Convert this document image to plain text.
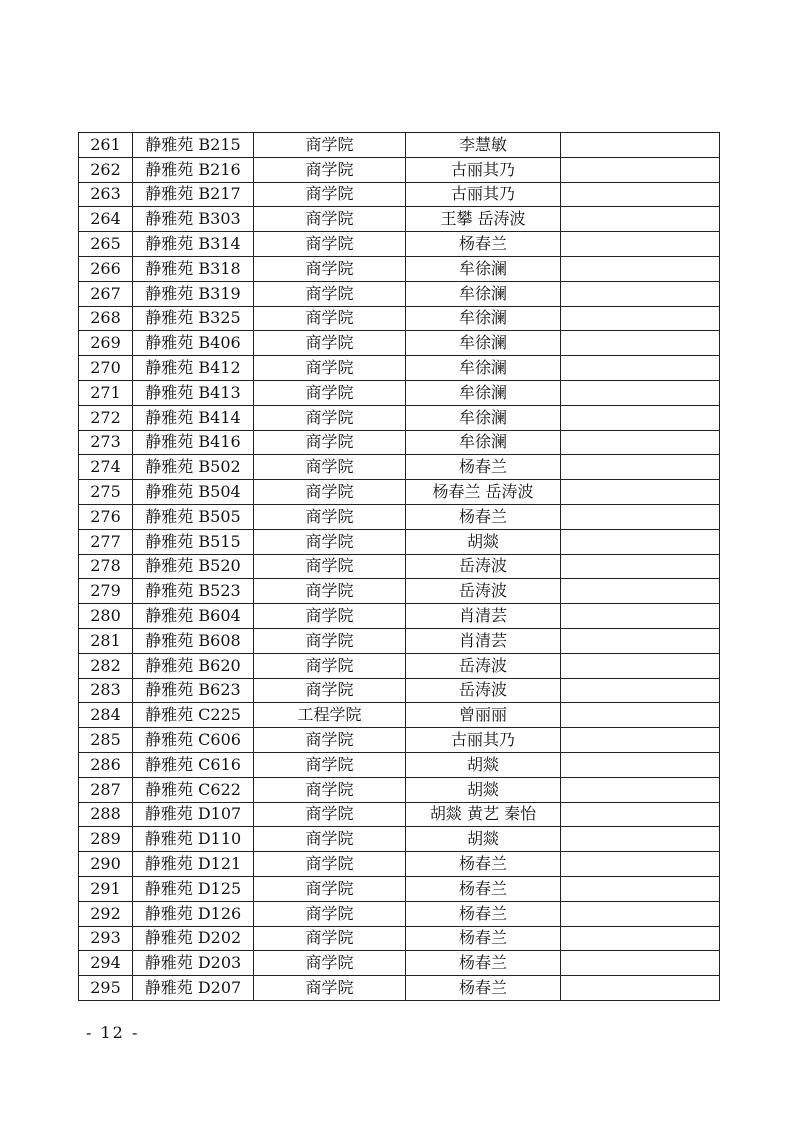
261	静雅苑 B215	商学院	李慧敏	
262	静雅苑 B216	商学院	古丽其乃	
263	静雅苑 B217	商学院	古丽其乃	
264	静雅苑 B303	商学院	王攀 岳涛波	
265	静雅苑 B314	商学院	杨春兰	
266	静雅苑 B318	商学院	牟徐澜	
267	静雅苑 B319	商学院	牟徐澜	
268	静雅苑 B325	商学院	牟徐澜	
269	静雅苑 B406	商学院	牟徐澜	
270	静雅苑 B412	商学院	牟徐澜	
271	静雅苑 B413	商学院	牟徐澜	
272	静雅苑 B414	商学院	牟徐澜	
273	静雅苑 B416	商学院	牟徐澜	
274	静雅苑 B502	商学院	杨春兰	
275	静雅苑 B504	商学院	杨春兰 岳涛波	
276	静雅苑 B505	商学院	杨春兰	
277	静雅苑 B515	商学院	胡燚	
278	静雅苑 B520	商学院	岳涛波	
279	静雅苑 B523	商学院	岳涛波	
280	静雅苑 B604	商学院	肖清芸	
281	静雅苑 B608	商学院	肖清芸	
282	静雅苑 B620	商学院	岳涛波	
283	静雅苑 B623	商学院	岳涛波	
284	静雅苑 C225	工程学院	曾丽丽	
285	静雅苑 C606	商学院	古丽其乃	
286	静雅苑 C616	商学院	胡燚	
287	静雅苑 C622	商学院	胡燚	
288	静雅苑 D107	商学院	胡燚 黄艺 秦怡	
289	静雅苑 D110	商学院	胡燚	
290	静雅苑 D121	商学院	杨春兰	
291	静雅苑 D125	商学院	杨春兰	
292	静雅苑 D126	商学院	杨春兰	
293	静雅苑 D202	商学院	杨春兰	
294	静雅苑 D203	商学院	杨春兰	
295	静雅苑 D207	商学院	杨春兰	
- 12 -
